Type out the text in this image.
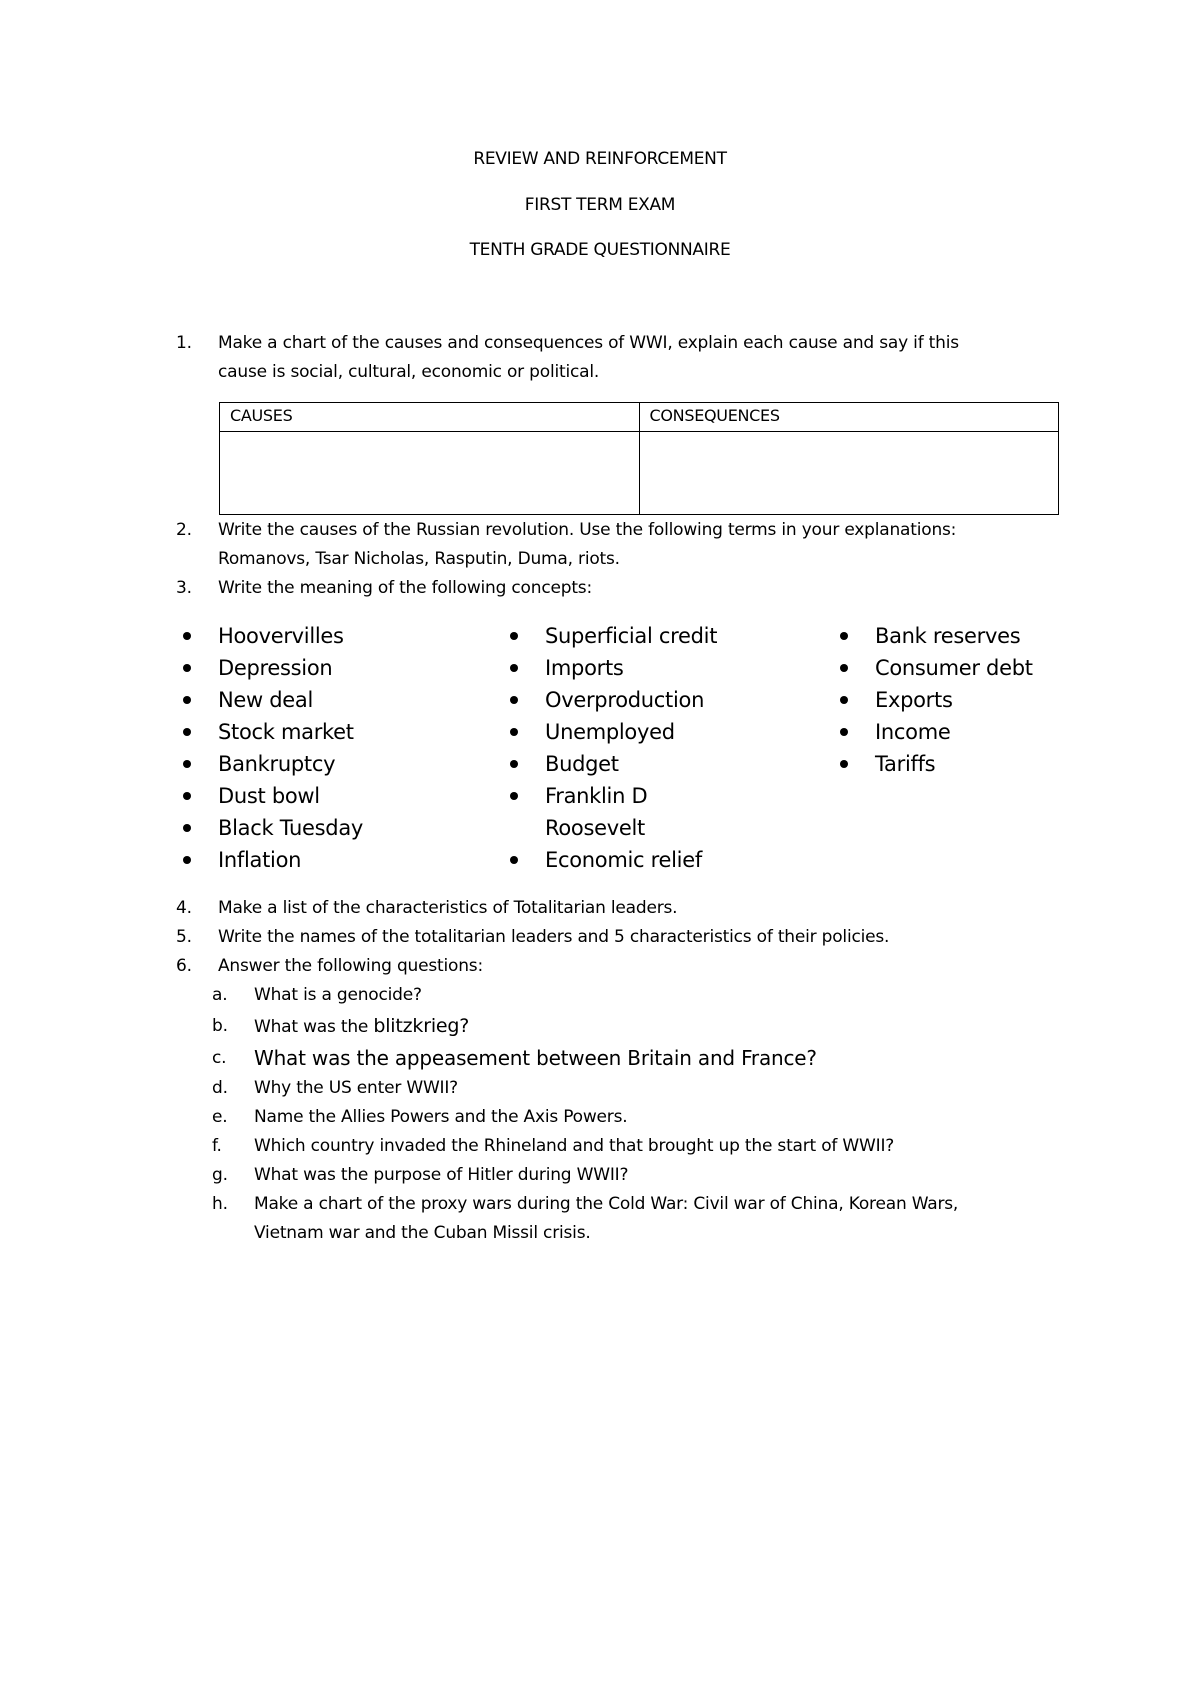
REVIEW AND REINFORCEMENT
FIRST TERM EXAM
TENTH GRADE QUESTIONNAIRE
1.	Make a chart of the causes and consequences of WWI, explain each cause and say if this
cause is social, cultural, economic or political.
CAUSES	CONSEQUENCES

2.	Write the causes of the Russian revolution. Use the following terms in your explanations:
Romanovs, Tsar Nicholas, Rasputin, Duma, riots.
3.	Write the meaning of the following concepts:
Hoovervilles
Depression
New deal
Stock market
Bankruptcy
Dust bowl
Black Tuesday
Inflation
Superficial credit
Imports
Overproduction
Unemployed
Budget
Franklin D Roosevelt
Economic relief
Bank reserves
Consumer debt
Exports
Income
Tariffs
4.	Make a list of the characteristics of Totalitarian leaders.
5.	Write the names of the totalitarian leaders and 5 characteristics of their policies.
6.	Answer the following questions:
a.	What is a genocide?
b.	What was the blitzkrieg?
c.	What was the appeasement between Britain and France?
d.	Why the US enter WWII?
e.	Name the Allies Powers and the Axis Powers.
f.	Which country invaded the Rhineland and that brought up the start of WWII?
g.	What was the purpose of Hitler during WWII?
h.	Make a chart of the proxy wars during the Cold War: Civil war of China, Korean Wars,
Vietnam war and the Cuban Missil crisis.
